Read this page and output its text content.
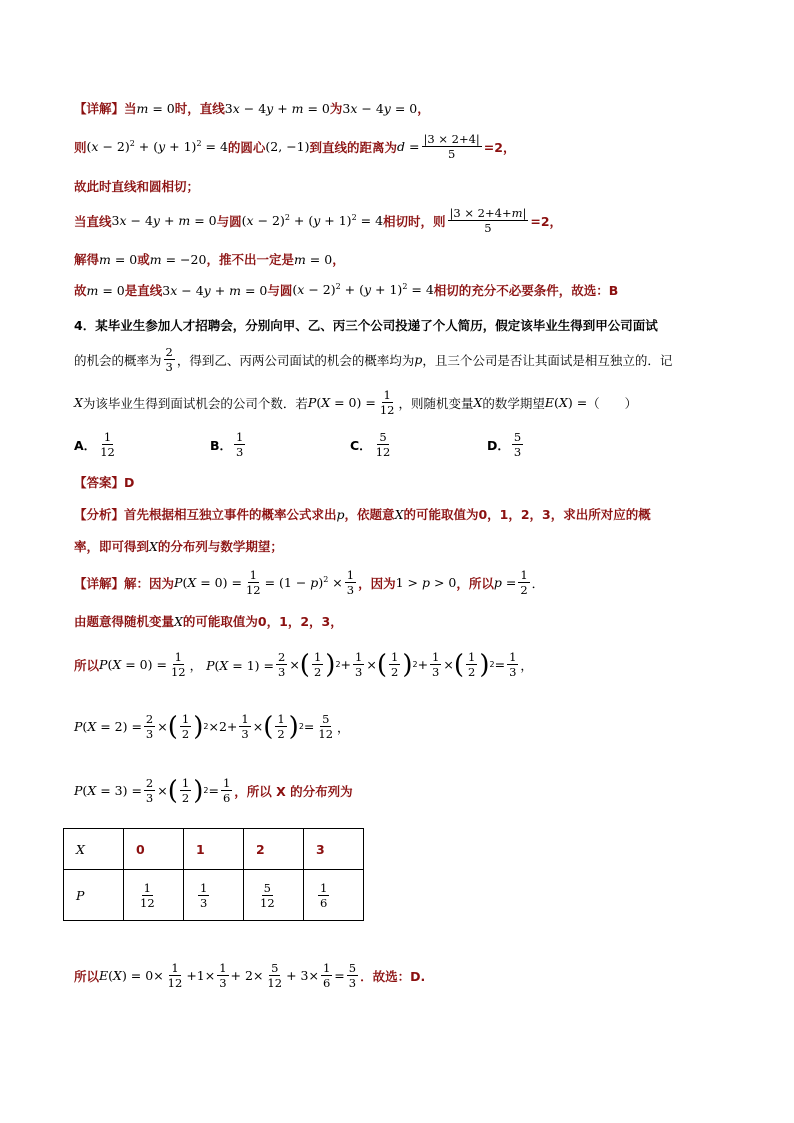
【详解】 当 m = 0 时，直线 3x − 4y + m = 0 为 3x − 4y = 0 ，
则 $(x - 2)^2 + (y + 1)^2 = 4$ 的圆心 (2, −1) 到直线的距离为 $d = \frac{|3 \times 2+4|}{5} =2$，
故此时直线和圆相切；
当直线 3x − 4y + m = 0 与圆 $(x - 2)^2 + (y + 1)^2 = 4$ 相切时，则 $\frac{|3 \times 2+4+m|}{5} =2$，
解得 m = 0 或 m = −20 ，推不出一定是 m = 0 ，
故 m = 0 是直线 3x − 4y + m = 0 与圆 $(x - 2)^2 + (y + 1)^2 = 4$ 相切的充分不必要条件，故选： B
4．某毕业生参加人才招聘会，分别向甲、乙、丙三个公司投递了个人简历，假定该毕业生得到甲公司面试
的机会的概率为 $\frac{2}{3}$ ，得到乙、丙两公司面试的机会的概率均为 p ，且三个公司是否让其面试是相互独立的．记
X 为该毕业生得到面试机会的公司个数．若 $P(X = 0) = \frac{1}{12}$ ，则随机变量 X 的数学期望 E(X) = （　　）
A． $\frac{1}{12}$	B． $\frac{1}{3}$	C． $\frac{5}{12}$	D． $\frac{5}{3}$
【答案】 D
【分析】 首先根据相互独立事件的概率公式求出 p ，依题意 X 的可能取值为0，1，2，3，求出所对应的概
率，即可得到 X 的分布列与数学期望；
【详解】 解：因为 $P(X = 0) = \frac{1}{12} = (1 - p)^2 \times \frac{1}{3}$ ，因为 1 > p > 0 ，所以 $p = \frac{1}{2}$ ．
由题意得随机变量 X 的可能取值为0，1，2，3，
所以 $P(X = 0) = \frac{1}{12}$ ， $P(X = 1) = \frac{2}{3}$ × ( $\frac{1}{2}$ ) $2 + \frac{1}{3}$ × ( $\frac{1}{2}$ ) $2 + \frac{1}{3}$ × ( $\frac{1}{2}$ ) $2 = \frac{1}{3}$ ，
$P(X = 2) = \frac{2}{3}$ × ( $\frac{1}{2}$ ) $2 \times 2+ \frac{1}{3}$ × ( $\frac{1}{2}$ ) $2 = \frac{5}{12}$ ，
$P(X = 3) = \frac{2}{3}$ × ( $\frac{1}{2}$ ) $2 = \frac{1}{6}$ ，所以 X 的分布列为
X	0	1	2	3
P	$\frac{1}{12}$	$\frac{1}{3}$	$\frac{5}{12}$	$\frac{1}{6}$
所以 $E(X) = 0\times \frac{1}{12} +1\times \frac{1}{3} + 2\times \frac{5}{12} + 3\times \frac{1}{6} = \frac{5}{3}$ ．故选：D.
